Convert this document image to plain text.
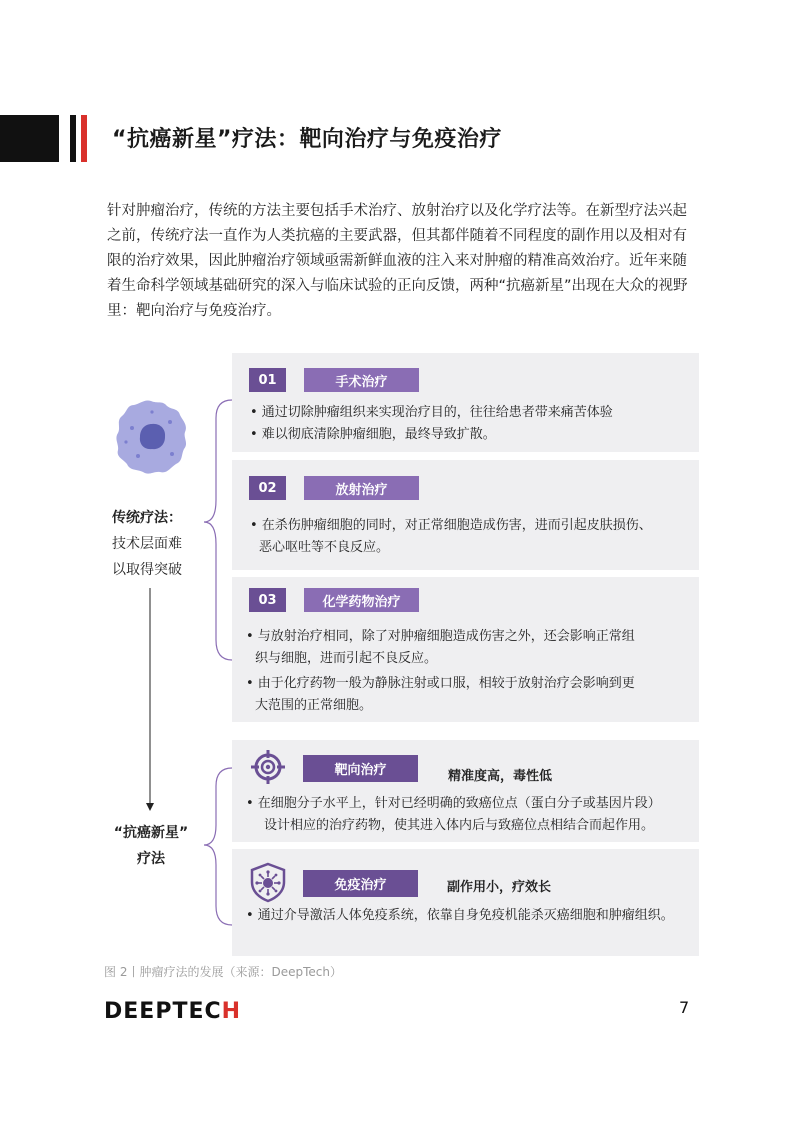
“抗癌新星”疗法：靶向治疗与免疫治疗
针对肿瘤治疗，传统的方法主要包括手术治疗、放射治疗以及化学疗法等。在新型疗法兴起之前，传统疗法一直作为人类抗癌的主要武器，但其都伴随着不同程度的副作用以及相对有限的治疗效果，因此肿瘤治疗领域亟需新鲜血液的注入来对肿瘤的精准高效治疗。近年来随着生命科学领域基础研究的深入与临床试验的正向反馈，两种“抗癌新星”出现在大众的视野里：靶向治疗与免疫治疗。
传统疗法：
技术层面难
以取得突破
“抗癌新星”
疗法
01	手术治疗
• 通过切除肿瘤组织来实现治疗目的，往往给患者带来痛苦体验
• 难以彻底清除肿瘤细胞，最终导致扩散。
02	放射治疗
• 在杀伤肿瘤细胞的同时，对正常细胞造成伤害，进而引起皮肤损伤、
恶心呕吐等不良反应。
03	化学药物治疗
• 与放射治疗相同，除了对肿瘤细胞造成伤害之外，还会影响正常组
织与细胞，进而引起不良反应。
• 由于化疗药物一般为静脉注射或口服，相较于放射治疗会影响到更
大范围的正常细胞。
靶向治疗	精准度高，毒性低
• 在细胞分子水平上，针对已经明确的致癌位点（蛋白分子或基因片段）
设计相应的治疗药物，使其进入体内后与致癌位点相结合而起作用。
免疫治疗	副作用小，疗效长
• 通过介导激活人体免疫系统，依靠自身免疫机能杀灭癌细胞和肿瘤组织。
图 2丨肿瘤疗法的发展（来源：DeepTech）
DEEPTECH	7
